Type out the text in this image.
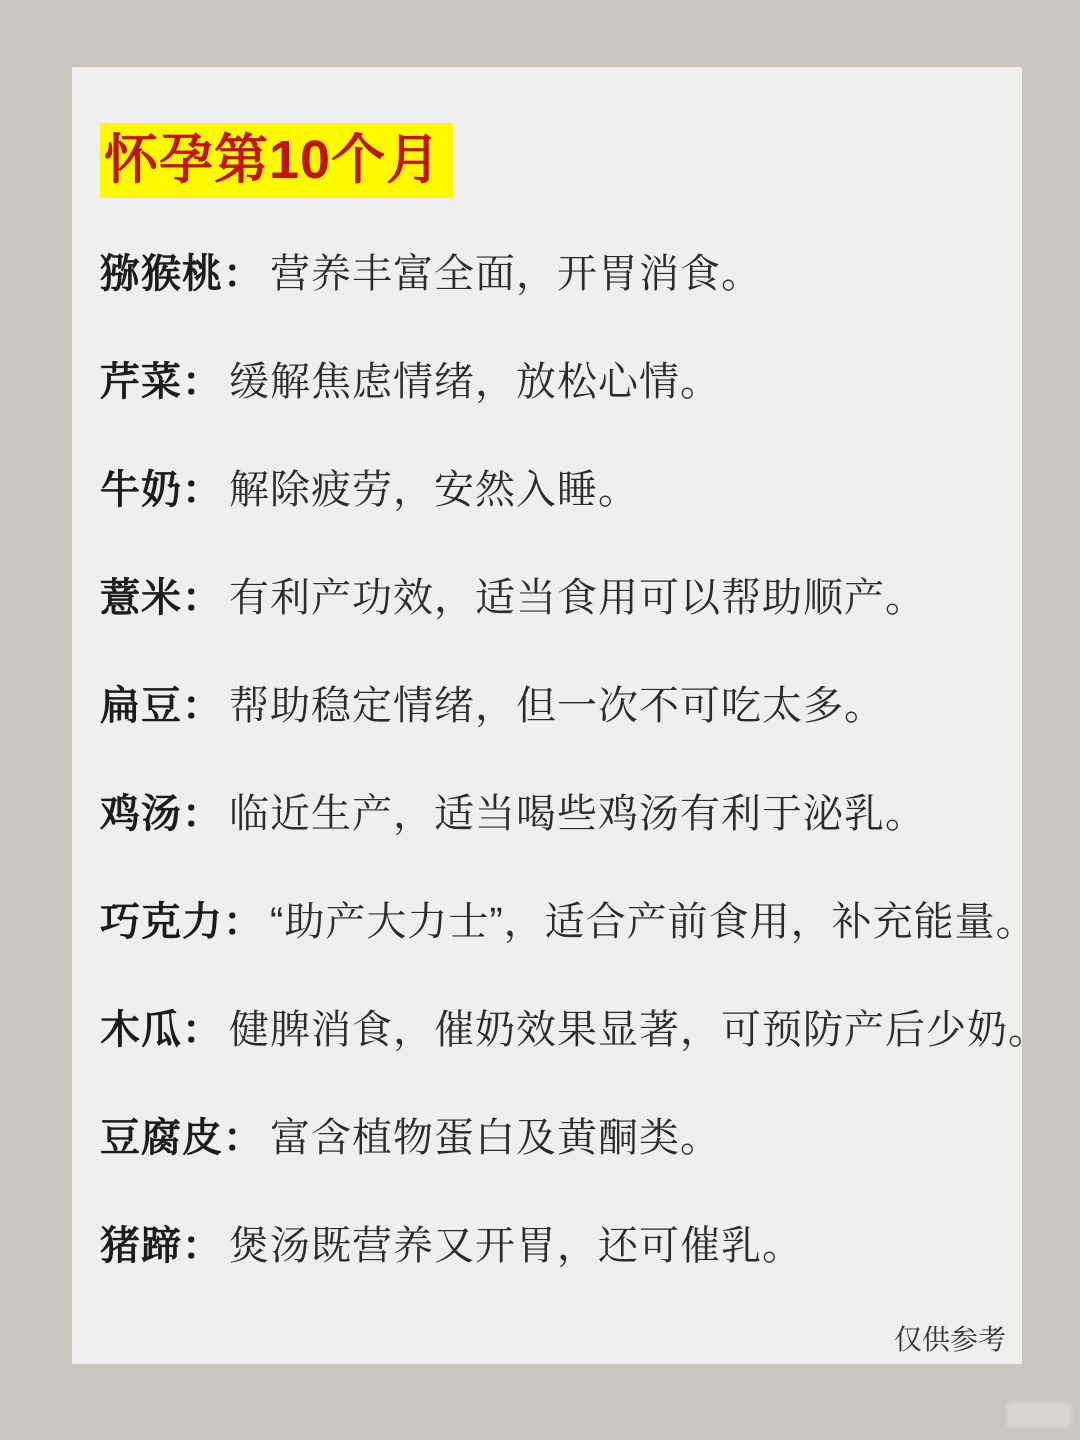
怀孕第10个月
猕猴桃： 营养丰富全面，开胃消食。
芹菜： 缓解焦虑情绪，放松心情。
牛奶： 解除疲劳，安然入睡。
薏米： 有利产功效，适当食用可以帮助顺产。
扁豆： 帮助稳定情绪，但一次不可吃太多。
鸡汤： 临近生产，适当喝些鸡汤有利于泌乳。
巧克力： “助产大力士”，适合产前食用，补充能量。
木瓜： 健脾消食，催奶效果显著，可预防产后少奶。
豆腐皮： 富含植物蛋白及黄酮类。
猪蹄： 煲汤既营养又开胃，还可催乳。
仅供参考
